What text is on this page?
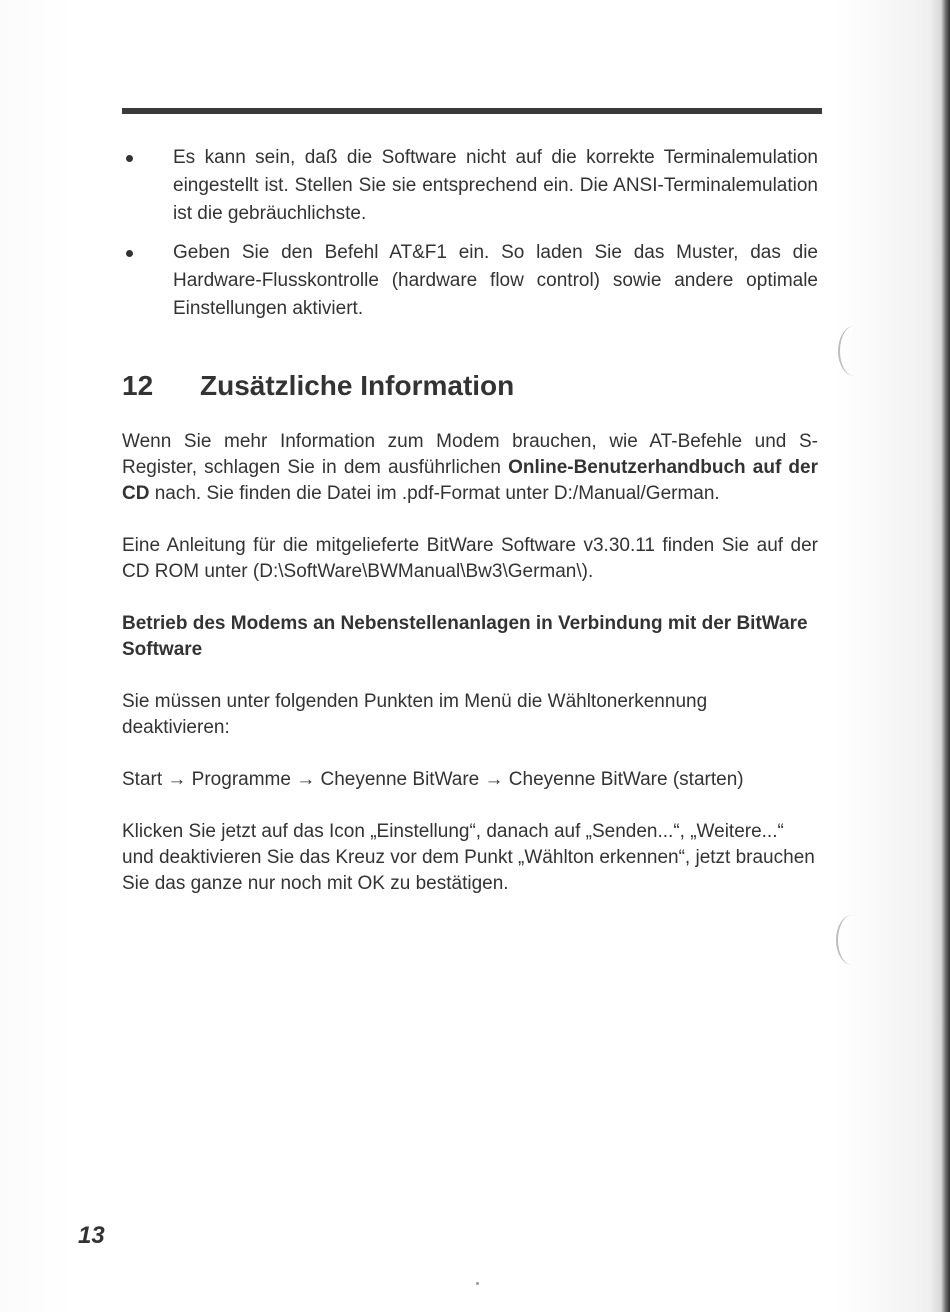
Es kann sein, daß die Software nicht auf die korrekte Terminalemulation eingestellt ist. Stellen Sie sie entsprechend ein. Die ANSI-Terminalemulation ist die gebräuchlichste.
Geben Sie den Befehl AT&F1 ein. So laden Sie das Muster, das die Hardware-Flusskontrolle (hardware flow control) sowie andere optimale Einstellungen aktiviert.
12 Zusätzliche Information

Wenn Sie mehr Information zum Modem brauchen, wie AT-Befehle und S-Register, schlagen Sie in dem ausführlichen Online-Benutzerhandbuch auf der CD nach. Sie finden die Datei im .pdf-Format unter D:/Manual/German.

Eine Anleitung für die mitgelieferte BitWare Software v3.30.11 finden Sie auf der CD ROM unter (D:\SoftWare\BWManual\Bw3\German\).

Betrieb des Modems an Nebenstellenanlagen in Verbindung mit der BitWare Software

Sie müssen unter folgenden Punkten im Menü die Wähltonerkennung deaktivieren:

Start → Programme → Cheyenne BitWare → Cheyenne BitWare (starten)

Klicken Sie jetzt auf das Icon „Einstellung“, danach auf „Senden...“, „Weitere...“ und deaktivieren Sie das Kreuz vor dem Punkt „Wählton erkennen“, jetzt brauchen Sie das ganze nur noch mit OK zu bestätigen.

13
